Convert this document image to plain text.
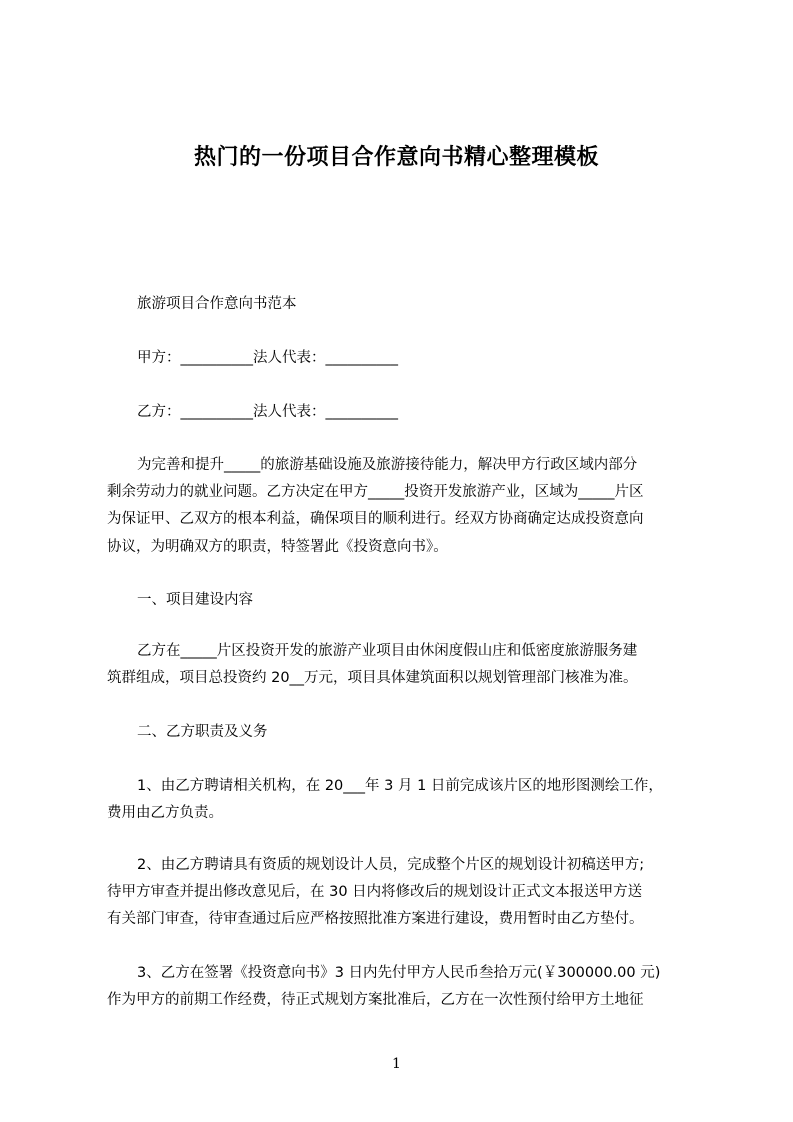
热门的一份项目合作意向书精心整理模板
旅游项目合作意向书范本
甲方：__________法人代表：__________
乙方：__________法人代表：__________
为完善和提升_____的旅游基础设施及旅游接待能力，解决甲方行政区域内部分
剩余劳动力的就业问题。乙方决定在甲方_____投资开发旅游产业，区域为_____片区
为保证甲、乙双方的根本利益，确保项目的顺利进行。经双方协商确定达成投资意向
协议，为明确双方的职责，特签署此《投资意向书》。
一、项目建设内容
乙方在_____片区投资开发的旅游产业项目由休闲度假山庄和低密度旅游服务建
筑群组成，项目总投资约 20__万元，项目具体建筑面积以规划管理部门核准为准。
二、乙方职责及义务
1、由乙方聘请相关机构，在 20___年 3 月 1 日前完成该片区的地形图测绘工作，
费用由乙方负责。
2、由乙方聘请具有资质的规划设计人员，完成整个片区的规划设计初稿送甲方;
待甲方审查并提出修改意见后，在 30 日内将修改后的规划设计正式文本报送甲方送
有关部门审查，待审查通过后应严格按照批准方案进行建设，费用暂时由乙方垫付。
3、乙方在签署《投资意向书》3 日内先付甲方人民币叁拾万元(￥300000.00 元)
作为甲方的前期工作经费，待正式规划方案批准后，乙方在一次性预付给甲方土地征
1
